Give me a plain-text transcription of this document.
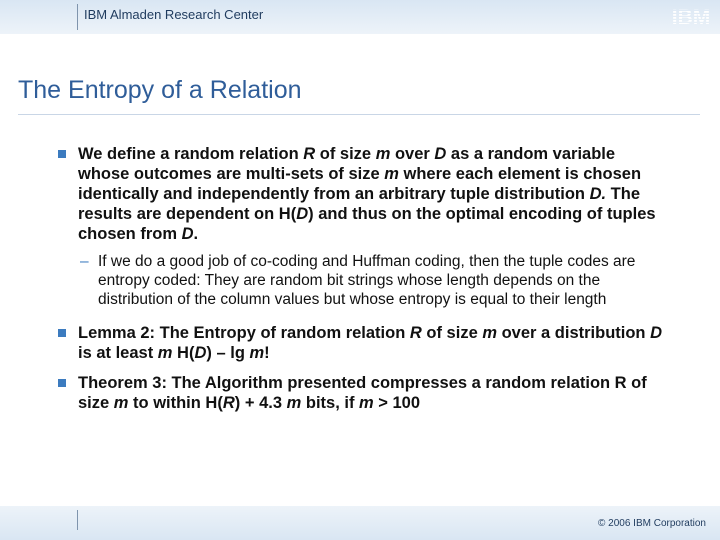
IBM Almaden Research Center	IBM
The Entropy of a Relation
We define a random relation R of size m over D as a random variable whose outcomes are multi-sets of size m where each element is chosen identically and independently from an arbitrary tuple distribution D. The results are dependent on H(D) and thus on the optimal encoding of tuples chosen from D.
– If we do a good job of co-coding and Huffman coding, then the tuple codes are entropy coded: They are random bit strings whose length depends on the distribution of the column values but whose entropy is equal to their length
Lemma 2: The Entropy of random relation R of size m over a distribution D is at least m H(D) – lg m!
Theorem 3: The Algorithm presented compresses a random relation R of size m to within H(R) + 4.3 m bits, if m > 100
© 2006 IBM Corporation
